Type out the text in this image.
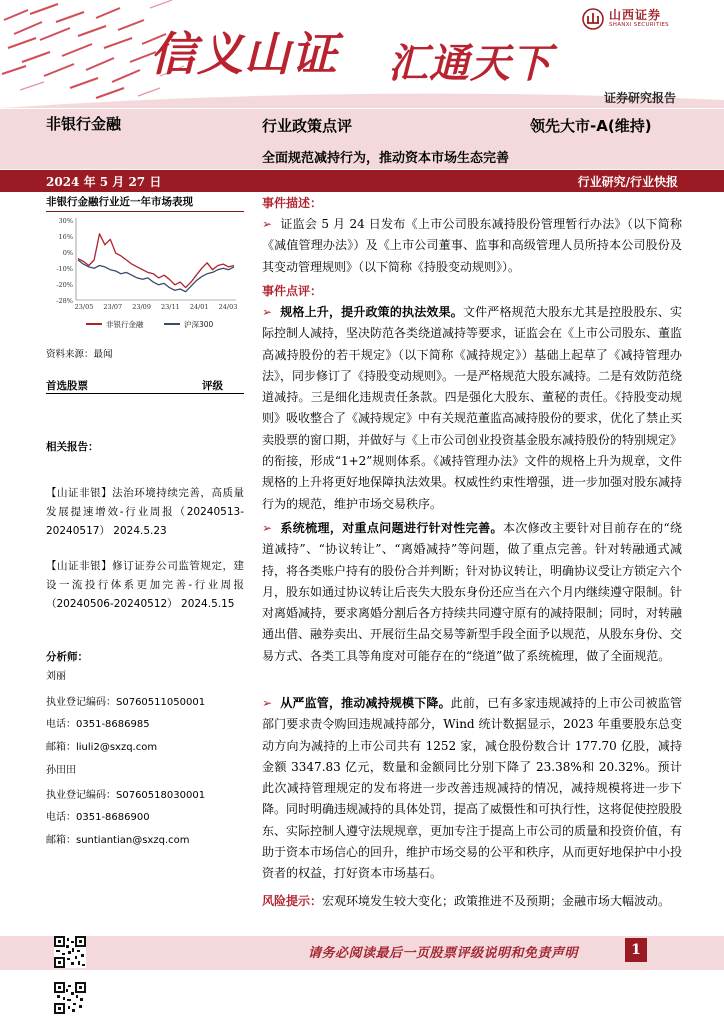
信义山证 汇通天下
山西证券
SHANXI SECURITIES
证券研究报告
非银行金融	行业政策点评	领先大市-A(维持)
全面规范减持行为，推动资本市场生态完善
2024 年 5 月 27 日	行业研究/行业快报
非银行金融行业近一年市场表现
30%
16%
0%
-10%
-20%
-28%
23/05 23/07 23/09 23/11 24/01 24/03
非银行金融	沪深300
资料来源：最闻
首选股票	评级
相关报告：
【山证非银】法治环境持续完善，高质量发展提速增效-行业周报（20240513-20240517） 2024.5.23
【山证非银】修订证券公司监管规定，建设一流投行体系更加完善-行业周报（20240506-20240512） 2024.5.15
分析师：
刘丽
执业登记编码：S0760511050001
电话：0351-8686985
邮箱：liuli2@sxzq.com
孙田田
执业登记编码：S0760518030001
电话：0351-8686900
邮箱：suntiantian@sxzq.com
事件描述：
➢ 证监会 5 月 24 日发布《上市公司股东减持股份管理暂行办法》（以下简称《减值管理办法》）及《上市公司董事、监事和高级管理人员所持本公司股份及其变动管理规则》（以下简称《持股变动规则》）。
事件点评：
➢ 规格上升，提升政策的执法效果。文件严格规范大股东尤其是控股股东、实际控制人减持，坚决防范各类绕道减持等要求，证监会在《上市公司股东、董监高减持股份的若干规定》（以下简称《减持规定》）基础上起草了《减持管理办法》，同步修订了《持股变动规则》。一是严格规范大股东减持。二是有效防范绕道减持。三是细化违规责任条款。四是强化大股东、董秘的责任。《持股变动规则》吸收整合了《减持规定》中有关规范董监高减持股份的要求，优化了禁止买卖股票的窗口期，并做好与《上市公司创业投资基金股东减持股份的特别规定》的衔接，形成“1+2”规则体系。《减持管理办法》文件的规格上升为规章，文件规格的上升将更好地保障执法效果。权威性约束性增强，进一步加强对股东减持行为的规范，维护市场交易秩序。
➢ 系统梳理，对重点问题进行针对性完善。本次修改主要针对目前存在的“绕道减持”、“协议转让”、“离婚减持”等问题，做了重点完善。针对转融通式减持，将各类账户持有的股份合并判断；针对协议转让，明确协议受让方锁定六个月，股东如通过协议转让后丧失大股东身份还应当在六个月内继续遵守限制。针对离婚减持，要求离婚分割后各方持续共同遵守原有的减持限制；同时，对转融通出借、融券卖出、开展衍生品交易等新型手段全面予以规范，从股东身份、交易方式、各类工具等角度对可能存在的“绕道”做了系统梳理，做了全面规范。
➢ 从严监管，推动减持规模下降。此前，已有多家违规减持的上市公司被监管部门要求责令购回违规减持部分，Wind 统计数据显示，2023 年重要股东总变动方向为减持的上市公司共有 1252 家，减仓股份数合计 177.70 亿股，减持金额 3347.83 亿元，数量和金额同比分别下降了 23.38%和 20.32%。预计此次减持管理规定的发布将进一步改善违规减持的情况，减持规模将进一步下降。同时明确违规减持的具体处罚，提高了威慑性和可执行性，这将促使控股股东、实际控制人遵守法规规章，更加专注于提高上市公司的质量和投资价值，有助于资本市场信心的回升，维护市场交易的公平和秩序，从而更好地保护中小投资者的权益，打好资本市场基石。
风险提示：宏观环境发生较大变化；政策推进不及预期；金融市场大幅波动。
请务必阅读最后一页股票评级说明和免责声明	1
